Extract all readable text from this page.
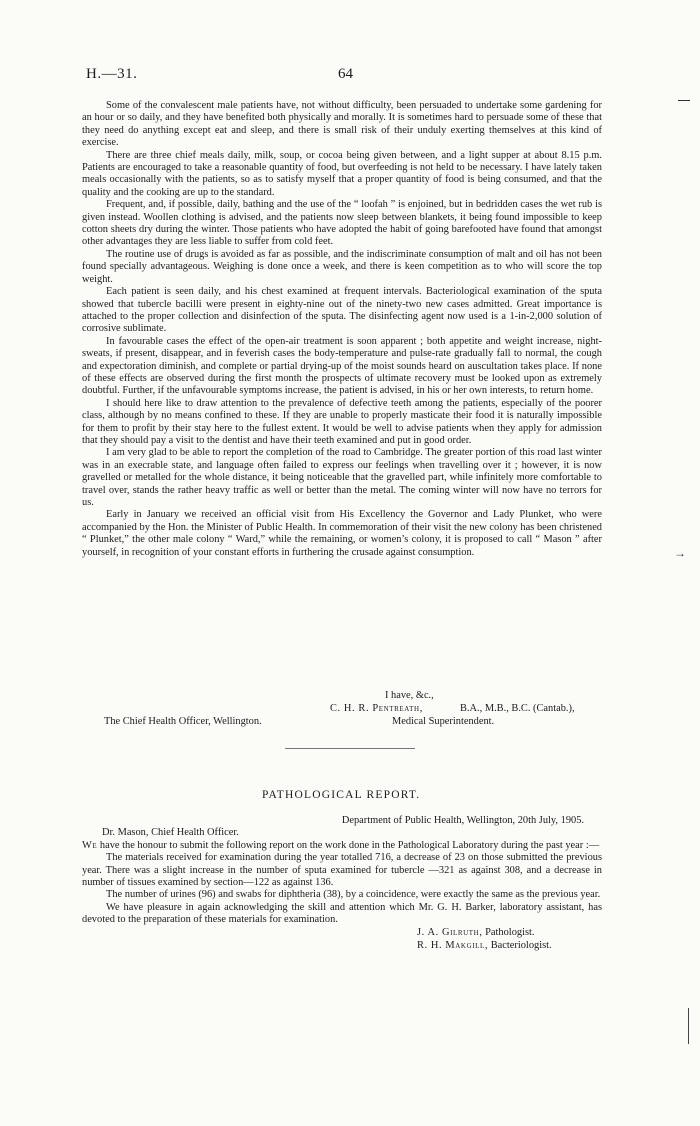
H.—31.	64
→

Some of the convalescent male patients have, not without difficulty, been persuaded to undertake some gardening for an hour or so daily, and they have benefited both physically and morally. It is sometimes hard to persuade some of these that they need do anything except eat and sleep, and there is small risk of their unduly exerting themselves at this kind of exercise.

There are three chief meals daily, milk, soup, or cocoa being given between, and a light supper at about 8.15 p.m. Patients are encouraged to take a reasonable quantity of food, but overfeeding is not held to be necessary. I have lately taken meals occasionally with the patients, so as to satisfy myself that a proper quantity of food is being consumed, and that the quality and the cooking are up to the standard.

Frequent, and, if possible, daily, bathing and the use of the “ loofah ” is enjoined, but in bedridden cases the wet rub is given instead. Woollen clothing is advised, and the patients now sleep between blankets, it being found impossible to keep cotton sheets dry during the winter. Those patients who have adopted the habit of going barefooted have found that amongst other advantages they are less liable to suffer from cold feet.

The routine use of drugs is avoided as far as possible, and the indiscriminate consumption of malt and oil has not been found specially advantageous. Weighing is done once a week, and there is keen competition as to who will score the top weight.

Each patient is seen daily, and his chest examined at frequent intervals. Bacteriological examination of the sputa showed that tubercle bacilli were present in eighty-nine out of the ninety-two new cases admitted. Great importance is attached to the proper collection and disinfection of the sputa. The disinfecting agent now used is a 1-in-2,000 solution of corrosive sublimate.

In favourable cases the effect of the open-air treatment is soon apparent ; both appetite and weight increase, night-sweats, if present, disappear, and in feverish cases the body-temperature and pulse-rate gradually fall to normal, the cough and expectoration diminish, and complete or partial drying-up of the moist sounds heard on auscultation takes place. If none of these effects are observed during the first month the prospects of ultimate recovery must be looked upon as extremely doubtful. Further, if the unfavourable symptoms increase, the patient is advised, in his or her own interests, to return home.

I should here like to draw attention to the prevalence of defective teeth among the patients, especially of the poorer class, although by no means confined to these. If they are unable to properly masticate their food it is naturally impossible for them to profit by their stay here to the fullest extent. It would be well to advise patients when they apply for admission that they should pay a visit to the dentist and have their teeth examined and put in good order.

I am very glad to be able to report the completion of the road to Cambridge. The greater portion of this road last winter was in an execrable state, and language often failed to express our feelings when travelling over it ; however, it is now gravelled or metalled for the whole distance, it being noticeable that the gravelled part, while infinitely more comfortable to travel over, stands the rather heavy traffic as well or better than the metal. The coming winter will now have no terrors for us.

Early in January we received an official visit from His Excellency the Governor and Lady Plunket, who were accompanied by the Hon. the Minister of Public Health. In commemoration of their visit the new colony has been christened “ Plunket,” the other male colony “ Ward,” while the remaining, or women’s colony, it is proposed to call “ Mason ” after yourself, in recognition of your constant efforts in furthering the crusade against consumption.

I have, &c.,
C. H. R. Pentreath,	B.A., M.B., B.C. (Cantab.),
The Chief Health Officer, Wellington.	Medical Superintendent.
PATHOLOGICAL REPORT.
Department of Public Health, Wellington, 20th July, 1905.
Dr. Mason, Chief Health Officer.

We have the honour to submit the following report on the work done in the Pathological Laboratory during the past year :—

The materials received for examination during the year totalled 716, a decrease of 23 on those submitted the previous year. There was a slight increase in the number of sputa examined for tubercle —321 as against 308, and a decrease in number of tissues examined by section—122 as against 136.

The number of urines (96) and swabs for diphtheria (38), by a coincidence, were exactly the same as the previous year.

We have pleasure in again acknowledging the skill and attention which Mr. G. H. Barker, laboratory assistant, has devoted to the preparation of these materials for examination.

J. A. Gilruth, Pathologist.
R. H. Makgill, Bacteriologist.
